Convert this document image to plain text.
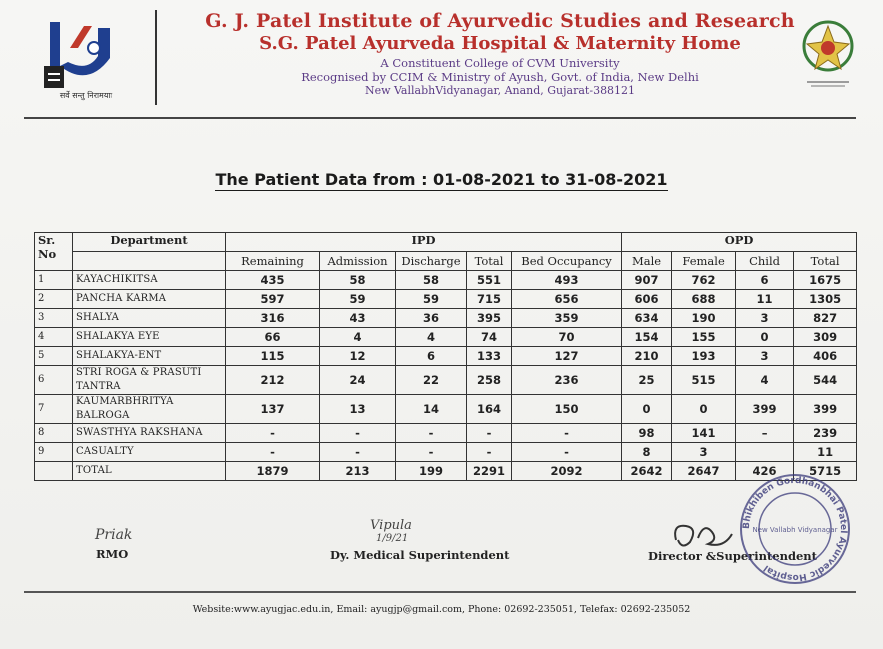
सर्वे सन्तु निरामयाः
G. J. Patel Institute of Ayurvedic Studies and Research
S.G. Patel Ayurveda Hospital & Maternity Home
A Constituent College of CVM University
Recognised by CCIM & Ministry of Ayush, Govt. of India, New Delhi
New VallabhVidyanagar, Anand, Gujarat-388121
The Patient Data from : 01-08-2021 to 31-08-2021
Sr. No	Department	IPD					OPD			
		Remaining	Admission	Discharge	Total	Bed Occupancy	Male	Female	Child	Total
1	KAYACHIKITSA	435	58	58	551	493	907	762	6	1675
2	PANCHA KARMA	597	59	59	715	656	606	688	11	1305
3	SHALYA	316	43	36	395	359	634	190	3	827
4	SHALAKYA EYE	66	4	4	74	70	154	155	0	309
5	SHALAKYA-ENT	115	12	6	133	127	210	193	3	406
6	STRI ROGA & PRASUTI TANTRA	212	24	22	258	236	25	515	4	544
7	KAUMARBHRITYA BALROGA	137	13	14	164	150	0	0	399	399
8	SWASTHYA RAKSHANA	-	-	-	-	-	98	141	–	239
9	CASUALTY	-	-	-	-	-	8	3		11
	TOTAL	1879	213	199	2291	2092	2642	2647	426	5715
Priak
RMO
Vipula
1/9/21
Dy. Medical Superintendent	Director &Superintendent
Bhikhiben Gordhanbhai Patel Ayurvedic Hospital
New Vallabh Vidyanagar
Website:www.ayugjac.edu.in, Email: ayugjp@gmail.com, Phone: 02692-235051, Telefax: 02692-235052
